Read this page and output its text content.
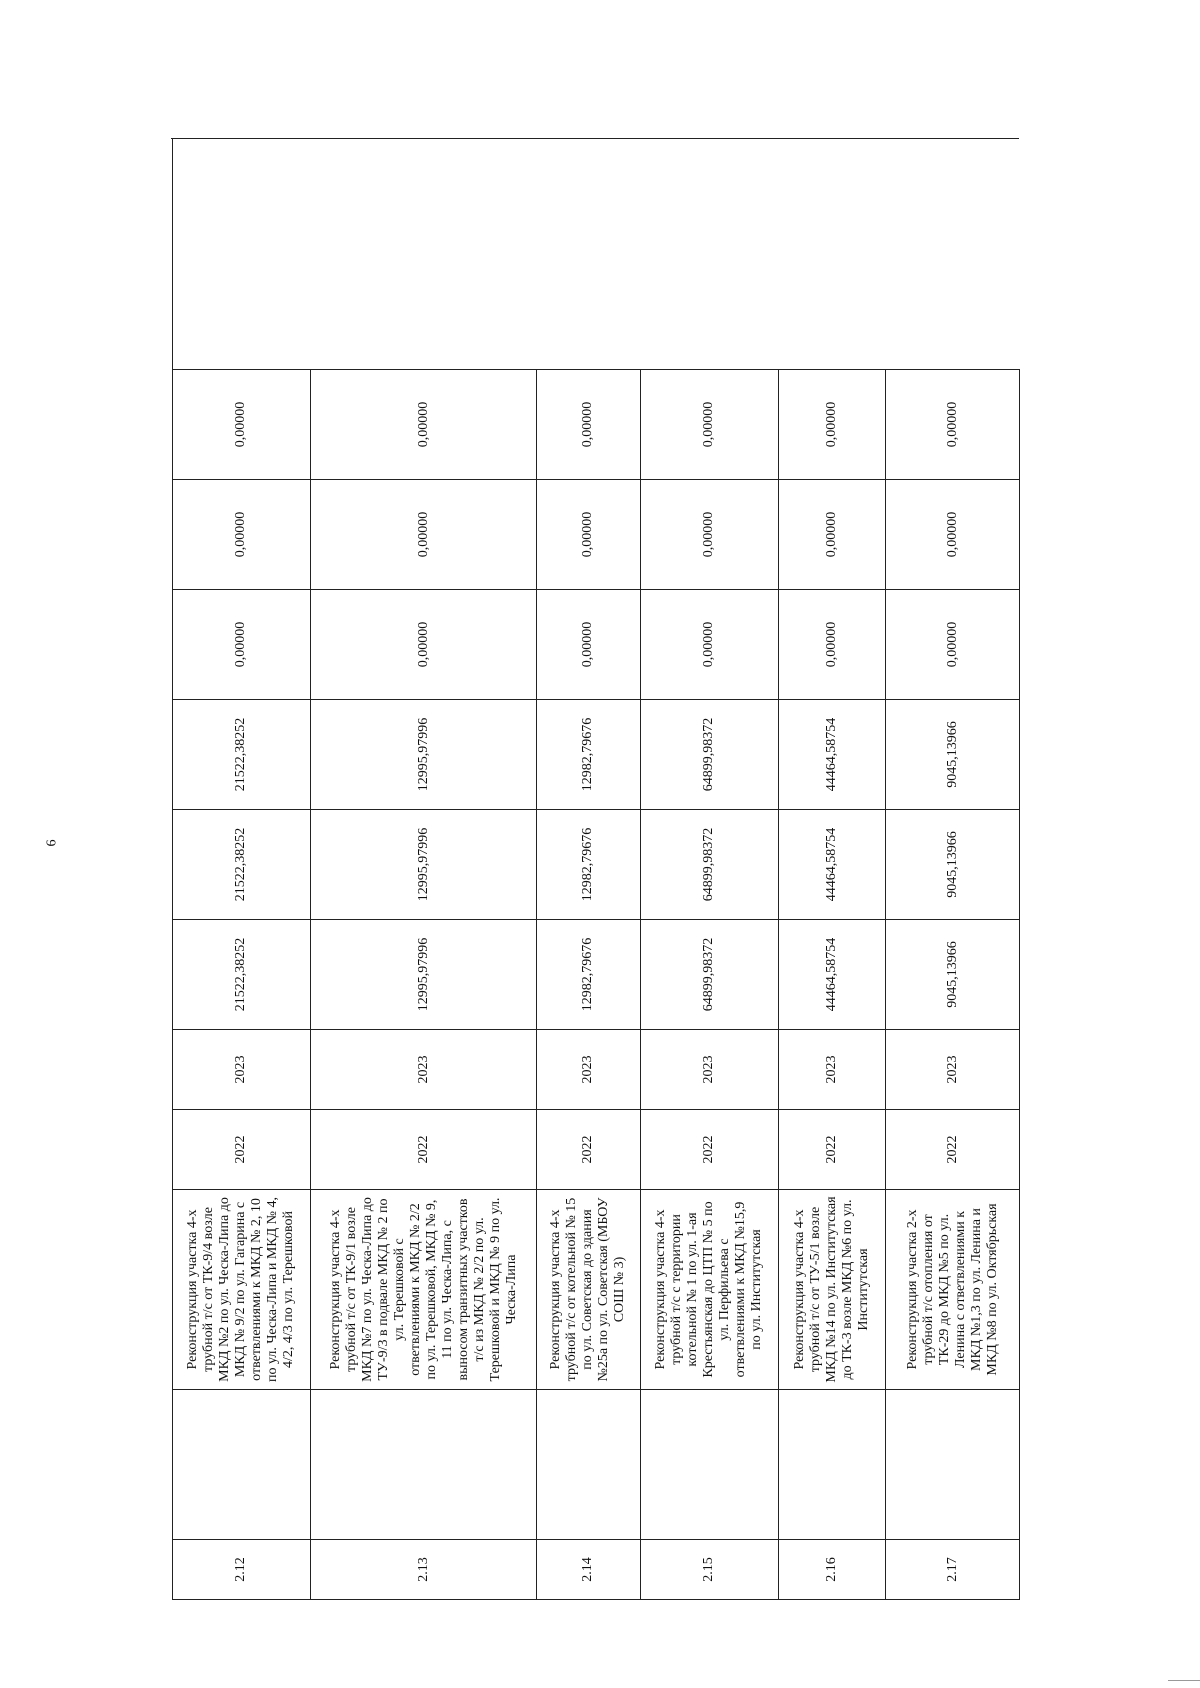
6
2.12		Реконструкция участка 4-х трубной т/с от ТК-9/4 возле МКД №2 по ул. Ческа-Липа до МКД № 9/2 по ул. Гагарина с ответвлениями к МКД № 2, 10 по ул. Ческа-Липа и МКД № 4, 4/2, 4/3 по ул. Терешковой	2022	2023	21522,38252	21522,38252	21522,38252	0,00000	0,00000	0,00000	
2.13		Реконструкция участка 4-х трубной т/с от ТК-9/1 возле МКД №7 по ул. Ческа-Липа до ТУ-9/3 в подвале МКД № 2 по ул. Терешковой с ответвлениями к МКД № 2/2 по ул. Терешковой, МКД № 9, 11 по ул. Ческа-Липа, с выносом транзитных участков т/с из МКД № 2/2 по ул. Терешковой и МКД № 9 по ул. Ческа-Липа	2022	2023	12995,97996	12995,97996	12995,97996	0,00000	0,00000	0,00000	
2.14		Реконструкция участка 4-х трубной т/с от котельной № 15 по ул. Советская до здания №25а по ул. Советская (МБОУ СОШ № 3)	2022	2023	12982,79676	12982,79676	12982,79676	0,00000	0,00000	0,00000	
2.15		Реконструкция участка 4-х трубной т/с с территории котельной № 1 по ул. 1-ая Крестьянская до ЦТП № 5 по ул. Перфильева с ответвлениями к МКД №15,9 по ул. Институтская	2022	2023	64899,98372	64899,98372	64899,98372	0,00000	0,00000	0,00000	
2.16		Реконструкция участка 4-х трубной т/с от ТУ-5/1 возле МКД №14 по ул. Институтская до ТК-3 возле МКД №6 по ул. Институтская	2022	2023	44464,58754	44464,58754	44464,58754	0,00000	0,00000	0,00000	
2.17		Реконструкция участка 2-х трубной т/с отопления от ТК-29 до МКД №5 по ул. Ленина с ответвлениями к МКД №1,3 по ул. Ленина и МКД №8 по ул. Октябрьская	2022	2023	9045,13966	9045,13966	9045,13966	0,00000	0,00000	0,00000	
